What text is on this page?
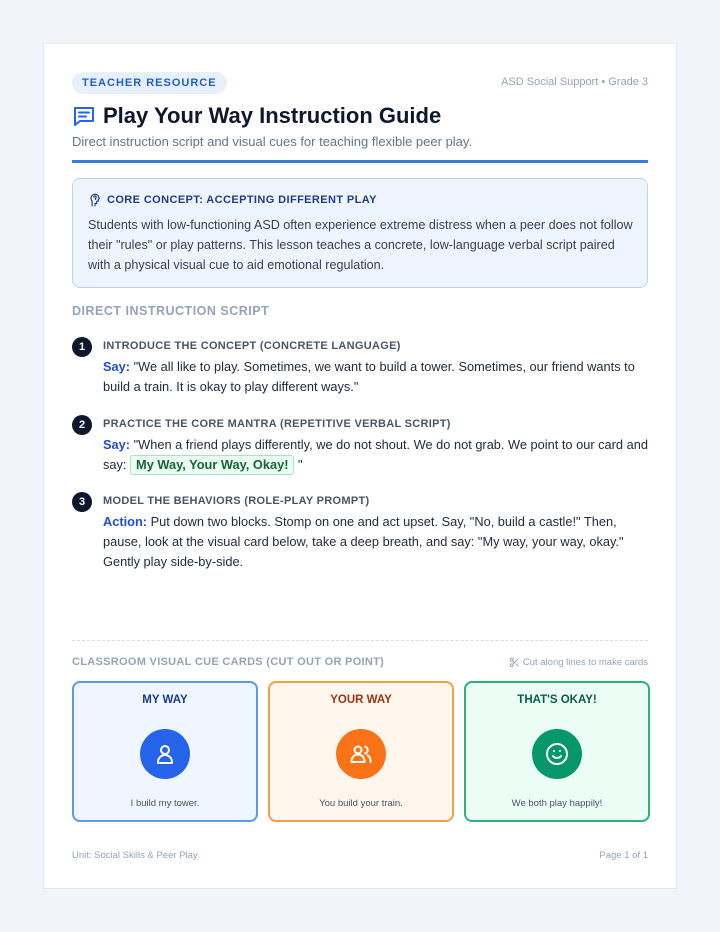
TEACHER RESOURCE	ASD Social Support • Grade 3
Play Your Way Instruction Guide
Direct instruction script and visual cues for teaching flexible peer play.
CORE CONCEPT: ACCEPTING DIFFERENT PLAY
Students with low-functioning ASD often experience extreme distress when a peer does not follow their "rules" or play patterns. This lesson teaches a concrete, low-language verbal script paired with a physical visual cue to aid emotional regulation.
DIRECT INSTRUCTION SCRIPT
1	INTRODUCE THE CONCEPT (CONCRETE LANGUAGE)
Say: "We all like to play. Sometimes, we want to build a tower. Sometimes, our friend wants to build a train. It is okay to play different ways."
2	PRACTICE THE CORE MANTRA (REPETITIVE VERBAL SCRIPT)
Say: "When a friend plays differently, we do not shout. We do not grab. We point to our card and say: My Way, Your Way, Okay! "
3	MODEL THE BEHAVIORS (ROLE-PLAY PROMPT)
Action: Put down two blocks. Stomp on one and act upset. Say, "No, build a castle!" Then, pause, look at the visual card below, take a deep breath, and say: "My way, your way, okay." Gently play side-by-side.
CLASSROOM VISUAL CUE CARDS (CUT OUT OR POINT)	Cut along lines to make cards
MY WAY
I build my tower.
YOUR WAY
You build your train.
THAT'S OKAY!
We both play happily!
Unit: Social Skills & Peer Play	Page 1 of 1
